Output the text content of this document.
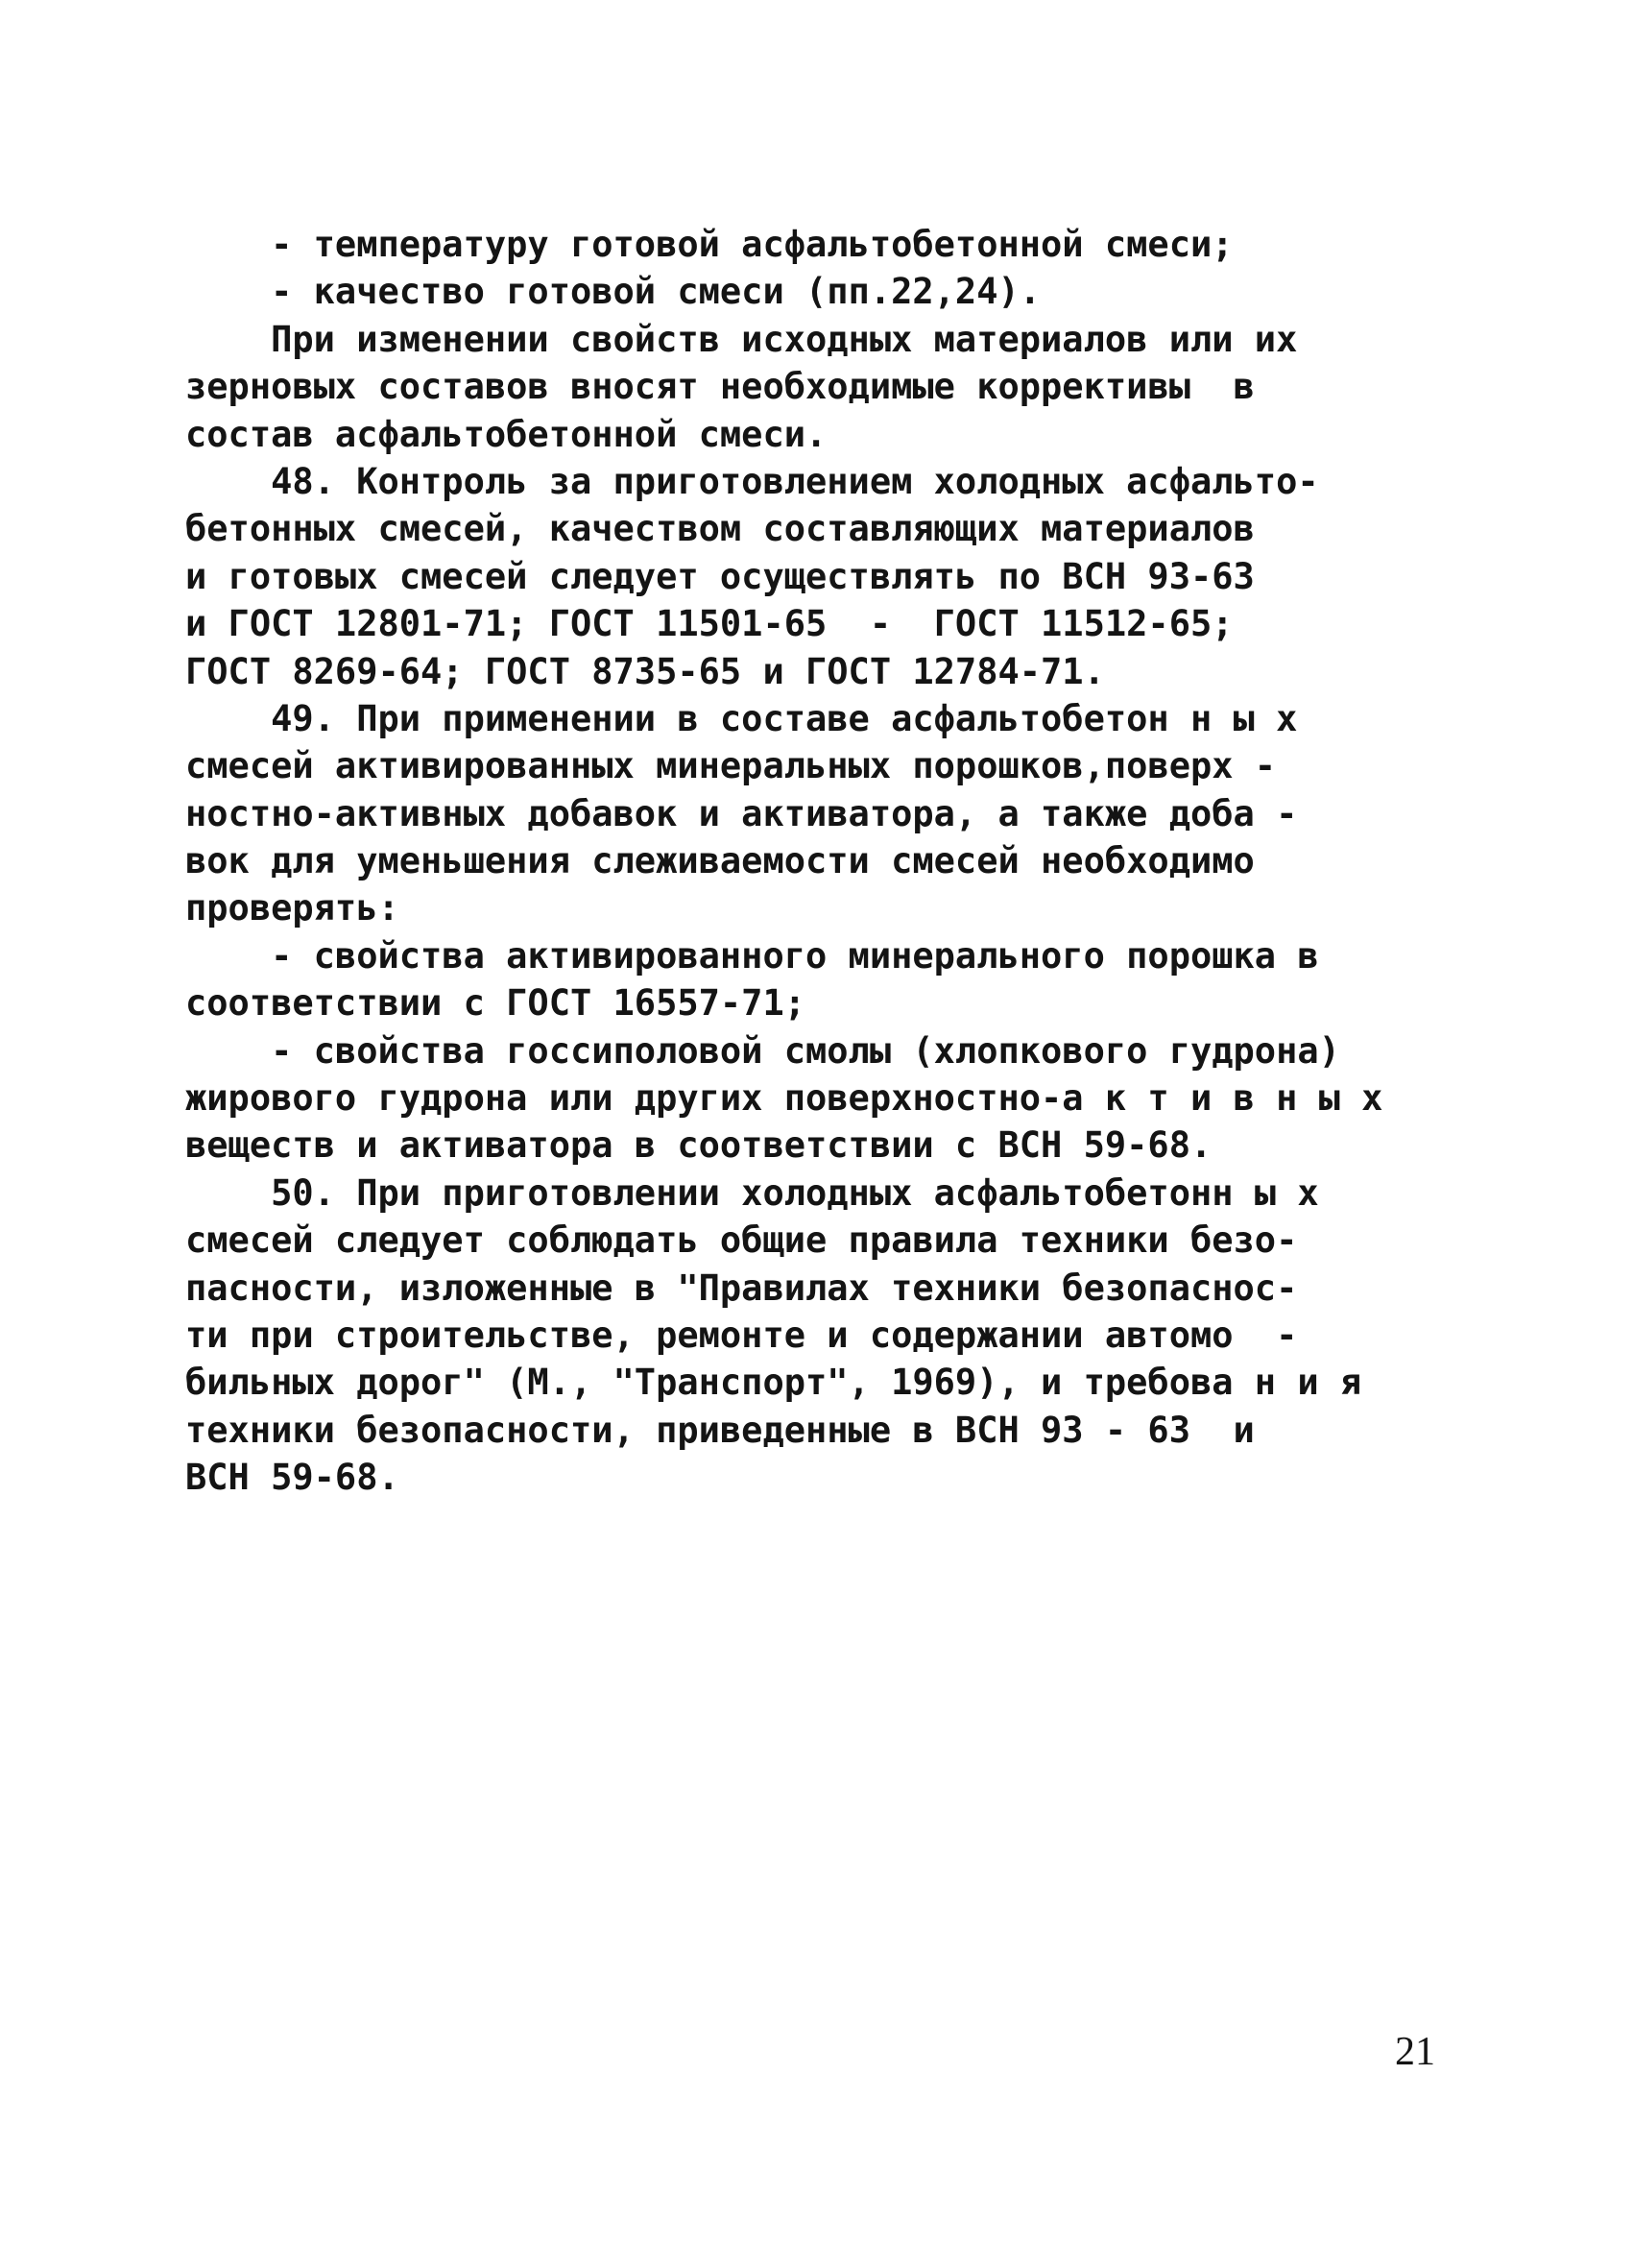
- температуру готовой асфальтобетонной смеси;
- качество готовой смеси (пп.22,24).
При изменении свойств исходных материалов или их
зерновых составов вносят необходимые коррективы  в
состав асфальтобетонной смеси.
48. Контроль за приготовлением холодных асфальто-
бетонных смесей, качеством составляющих материалов
и готовых смесей следует осуществлять по ВСН 93-63
и ГОСТ 12801-71; ГОСТ 11501-65  -  ГОСТ 11512-65;
ГОСТ 8269-64; ГОСТ 8735-65 и ГОСТ 12784-71.
49. При применении в составе асфальтобетон н ы х
смесей активированных минеральных порошков,поверх -
ностно-активных добавок и активатора, а также доба -
вок для уменьшения слеживаемости смесей необходимо
проверять:
- свойства активированного минерального порошка в
соответствии с ГОСТ 16557-71;
- свойства госсиполовой смолы (хлопкового гудрона)
жирового гудрона или других поверхностно-а к т и в н ы х
веществ и активатора в соответствии с ВСН 59-68.
50. При приготовлении холодных асфальтобетонн ы х
смесей следует соблюдать общие правила техники безо-
пасности, изложенные в "Правилах техники безопаснос-
ти при строительстве, ремонте и содержании автомо  -
бильных дорог" (М., "Транспорт", 1969), и требова н и я
техники безопасности, приведенные в ВСН 93 - 63  и
ВСН 59-68.
21
